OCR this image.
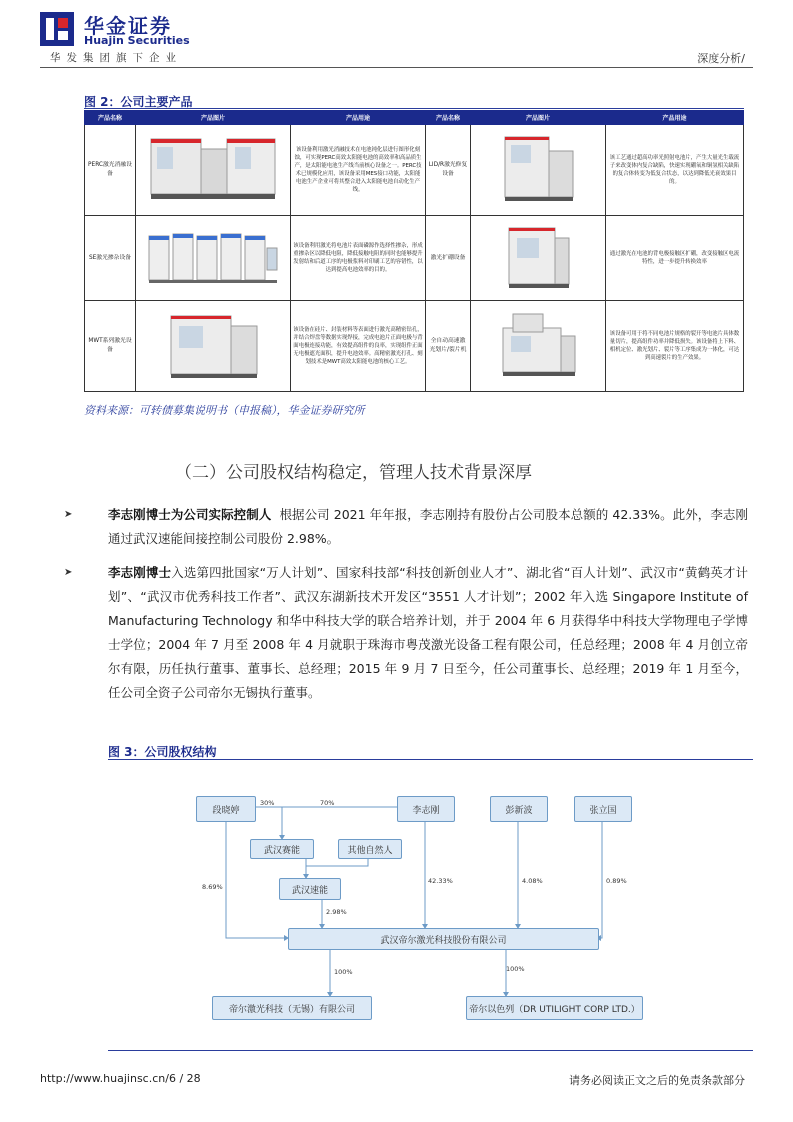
华金证券
Huajin Securities
华发集团旗下企业	深度分析/
图 2：公司主要产品
产品名称	产品图片	产品用途	产品名称	产品图片	产品用途
PERC激光消融设备		该设备利用激光消融技术在电池钝化层进行图形化刻蚀，可实现PERC高效太阳能电池的高效率和高品质生产，是太阳能电池生产线当前核心设备之一。PERC技术已规模化应用，该设备采用MES接口功能，太阳能电池生产企业可将其整合进入太阳能电池自动化生产线。	LID/R激光修复设备		该工艺通过超高功率光照射电池片，产生大量光生载流子来改变体内复合缺陷，快速实现硼氧和铜氢相关缺陷的复合体转变为低复合状态，以达到降低光衰效果目的。
SE激光掺杂设备		该设备利用激光将电池片表面磷源作选择性掺杂，形成重掺杂区以降低电阻，降低接触电阻的同时也能够提升发射结和后道工序的电极浆料对印刷工艺的容错性，以达到提高电池效率的目的。	激光扩硼设备		通过激光在电池的背电极接触区扩硼，改变接触区电流特性，进一步提升转换效率
MWT系列激光设备		该设备在硅片、封装材料等表面进行激光高精密钻孔，并结合焊盘等数据实现焊接，完成电池片正面电极与背面电极连接功能，有效提高组件的良率，实现组件正面无电极遮光面积，提升电池效率。高精密激光打孔、刻划技术是MWT高效太阳能电池的核心工艺。	全自动高速激光划片/裂片机		该设备可用于将不同电池片规格的裂开等电池片具体数量切片，提高组件功率并降低损失。该设备将上下料、相机定位、激光划片、裂片等工序集成为一体化，可达到高速裂片的生产效果。
资料来源：可转债募集说明书（申报稿），华金证券研究所
（二）公司股权结构稳定，管理人技术背景深厚
➤	李志刚博士为公司实际控制人 根据公司 2021 年年报，李志刚持有股份占公司股本总额的 42.33%。此外，李志刚通过武汉速能间接控制公司股份 2.98%。
➤	李志刚博士入选第四批国家“万人计划”、国家科技部“科技创新创业人才”、湖北省“百人计划”、武汉市“黄鹤英才计划”、“武汉市优秀科技工作者”、武汉东湖新技术开发区“3551 人才计划”；2002 年入选 Singapore Institute of Manufacturing Technology 和华中科技大学的联合培养计划，并于 2004 年 6 月获得华中科技大学物理电子学博士学位；2004 年 7 月至 2008 年 4 月就职于珠海市粤茂激光设备工程有限公司，任总经理；2008 年 4 月创立帝尔有限，历任执行董事、董事长、总经理；2015 年 9 月 7 日至今，任公司董事长、总经理；2019 年 1 月至今，任公司全资子公司帝尔无锡执行董事。
图 3：公司股权结构
段晓婷	李志刚	彭新波	张立国
武汉赛能	其他自然人
武汉速能
武汉帝尔激光科技股份有限公司
帝尔激光科技（无锡）有限公司	帝尔以色列（DR UTILIGHT CORP LTD.）
30%	70%
8.69%
42.33%	4.08%	0.89%
2.98%
100%	100%
http://www.huajinsc.cn/6 / 28	请务必阅读正文之后的免责条款部分
